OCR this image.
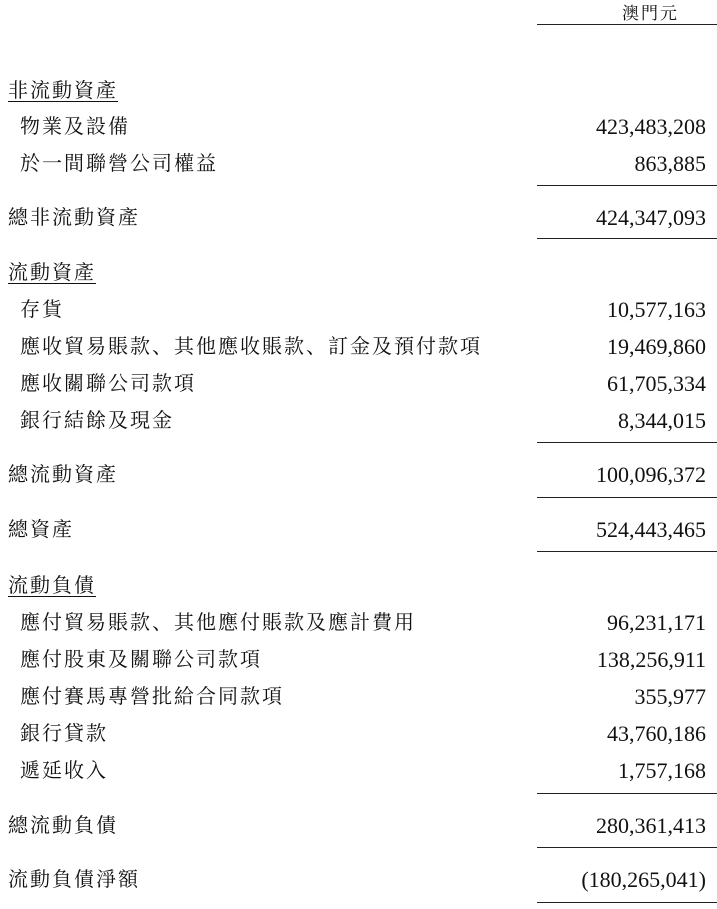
澳門元
非流動資產
物業及設備	423,483,208
於一間聯營公司權益	863,885
總非流動資產	424,347,093
流動資產
存貨	10,577,163
應收貿易賬款、其他應收賬款、訂金及預付款項	19,469,860
應收關聯公司款項	61,705,334
銀行結餘及現金	8,344,015
總流動資產	100,096,372
總資產	524,443,465
流動負債
應付貿易賬款、其他應付賬款及應計費用	96,231,171
應付股東及關聯公司款項	138,256,911
應付賽馬專營批給合同款項	355,977
銀行貸款	43,760,186
遞延收入	1,757,168
總流動負債	280,361,413
流動負債淨額	(180,265,041)
